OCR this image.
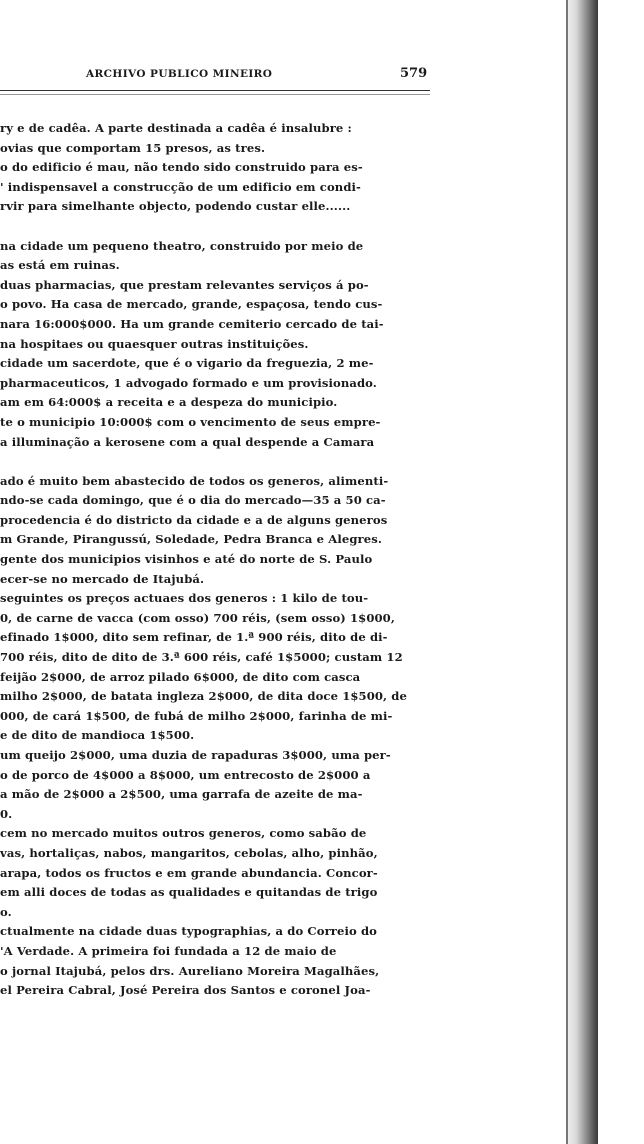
ARCHIVO PUBLICO MINEIRO	579
ry e de cadêa. A parte destinada a cadêa é insalubre :
ovias que comportam 15 presos, as tres.
o do edificio é mau, não tendo sido construido para es-
' indispensavel a construcção de um edificio em condi-
rvir para simelhante objecto, podendo custar elle......
na cidade um pequeno theatro, construido por meio de
as está em ruinas.
duas pharmacias, que prestam relevantes serviços á po-
o povo. Ha casa de mercado, grande, espaçosa, tendo cus-
nara 16:000$000. Ha um grande cemiterio cercado de tai-
na hospitaes ou quaesquer outras instituições.
cidade um sacerdote, que é o vigario da freguezia, 2 me-
pharmaceuticos, 1 advogado formado e um provisionado.
am em 64:000$ a receita e a despeza do municipio.
te o municipio 10:000$ com o vencimento de seus empre-
a illuminação a kerosene com a qual despende a Camara
ado é muito bem abastecido de todos os generos, alimenti-
ndo-se cada domingo, que é o dia do mercado—35 a 50 ca-
procedencia é do districto da cidade e a de alguns generos
m Grande, Pirangussú, Soledade, Pedra Branca e Alegres.
gente dos municipios visinhos e até do norte de S. Paulo
ecer-se no mercado de Itajubá.
seguintes os preços actuaes dos generos : 1 kilo de tou-
0, de carne de vacca (com osso) 700 réis, (sem osso) 1$000,
efinado 1$000, dito sem refinar, de 1.ª 900 réis, dito de di-
700 réis, dito de dito de 3.ª 600 réis, café 1$5000; custam 12
feijão 2$000, de arroz pilado 6$000, de dito com casca
milho 2$000, de batata ingleza 2$000, de dita doce 1$500, de
000, de cará 1$500, de fubá de milho 2$000, farinha de mi-
e de dito de mandioca 1$500.
um queijo 2$000, uma duzia de rapaduras 3$000, uma per-
o de porco de 4$000 a 8$000, um entrecosto de 2$000 a
a mão de 2$000 a 2$500, uma garrafa de azeite de ma-
0.
cem no mercado muitos outros generos, como sabão de
vas, hortaliças, nabos, mangaritos, cebolas, alho, pinhão,
arapa, todos os fructos e em grande abundancia. Concor-
em alli doces de todas as qualidades e quitandas de trigo
o.
ctualmente na cidade duas typographias, a do Correio do
'A Verdade. A primeira foi fundada a 12 de maio de
o jornal Itajubá, pelos drs. Aureliano Moreira Magalhães,
el Pereira Cabral, José Pereira dos Santos e coronel Joa-
